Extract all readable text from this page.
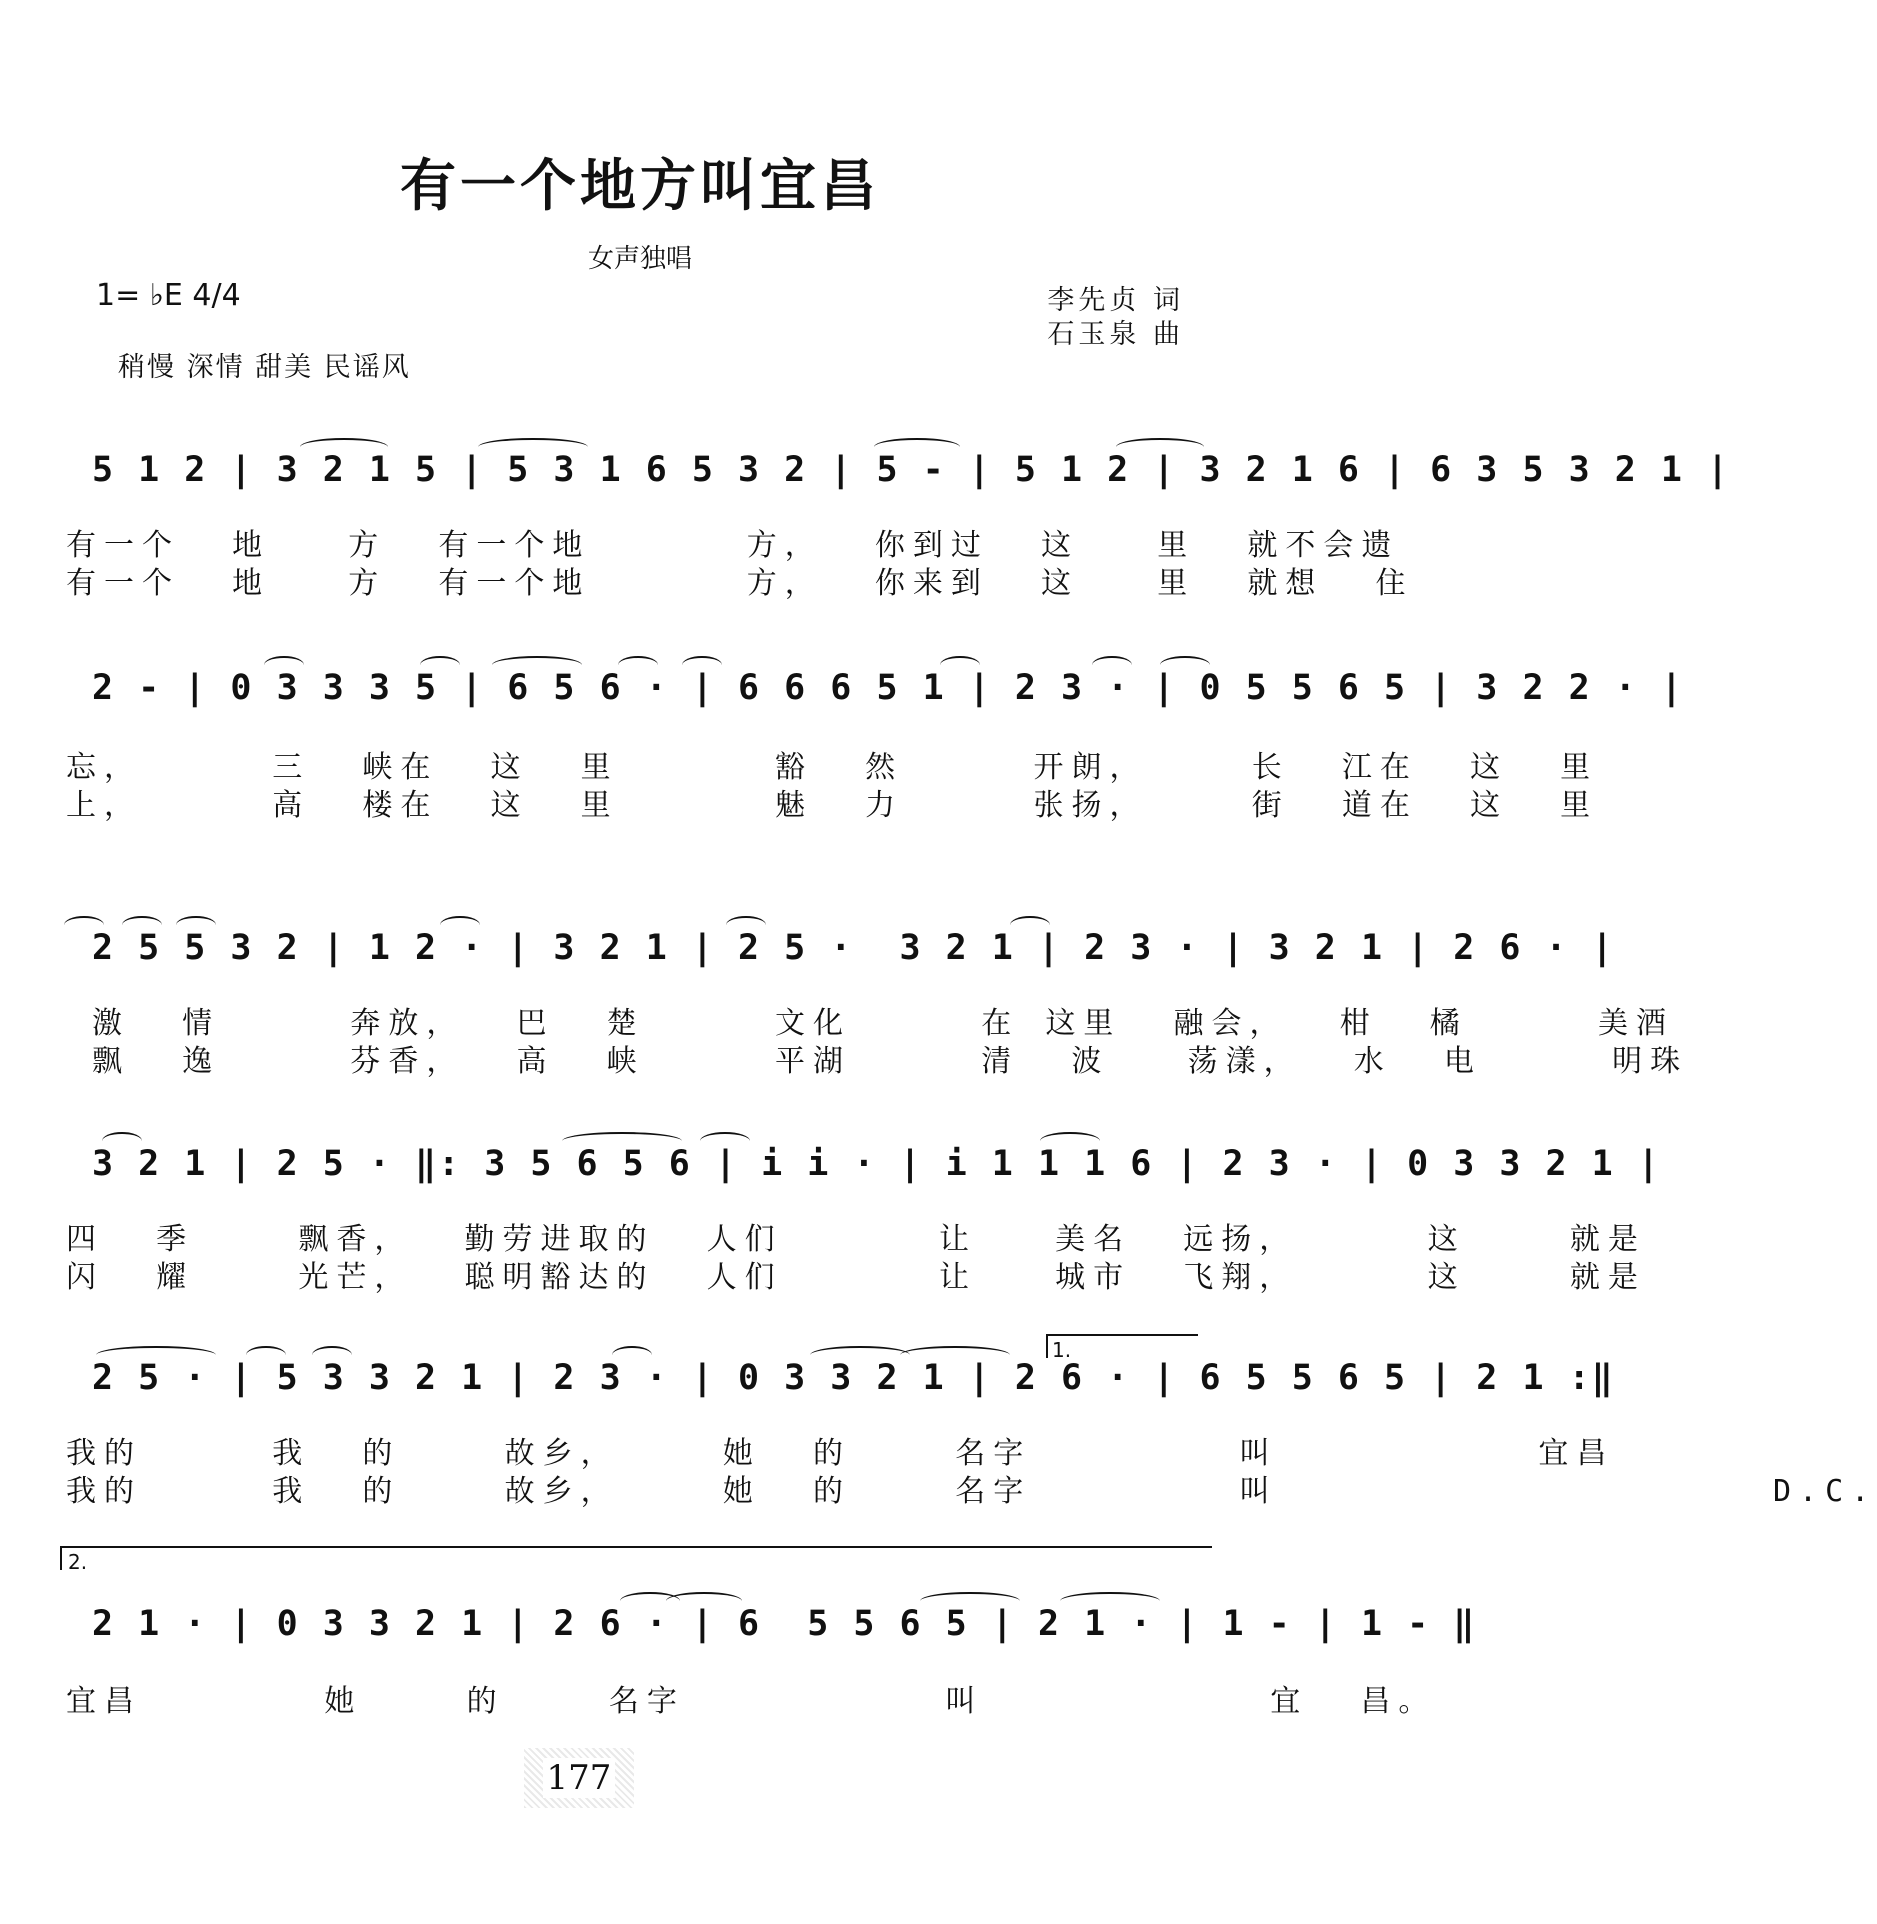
有一个地方叫宜昌
女声独唱
1= ♭E 4/4	李先贞 词
石玉泉 曲
稍慢 深情 甜美 民谣风
5 1 2 | 3 2 1 5 | 5 3 1 6 5 3 2 | 5 - | 5 1 2 | 3 2 1 6 | 6 3 5 3 2 1 |
有一个  地   方  有一个地      方，  你到过  这   里  就不会遗
有一个  地   方  有一个地      方，  你来到  这   里  就想  住
2 - | 0 3 3 3 5 | 6 5 6 · | 6 6 6 5 1 | 2 3 · | 0 5 5 6 5 | 3 2 2 · |
忘，     三  峡在  这  里      豁  然     开朗，    长  江在  这  里
上，     高  楼在  这  里      魅  力     张扬，    街  道在  这  里
2 5 5 3 2 | 1 2 · | 3 2 1 | 2 5 ·  3 2 1 | 2 3 · | 3 2 1 | 2 6 · |
激  情     奔放，  巴  楚     文化     在 这里  融会，  柑  橘     美酒
飘  逸     芬香，  高  峡     平湖     清  波   荡漾，  水  电     明珠
3 2 1 | 2 5 · ‖: 3 5 6 5 6 | i i · | i 1 1 1 6 | 2 3 · | 0 3 3 2 1 |
四  季    飘香，  勤劳进取的  人们      让   美名  远扬，     这    就是
闪  耀    光芒，  聪明豁达的  人们      让   城市  飞翔，     这    就是
1.
2 5 · | 5 3 3 2 1 | 2 3 · | 0 3 3 2 1 | 2 6 · | 6 5 5 6 5 | 2 1 :‖
我的     我  的    故乡，    她  的    名字        叫          宜昌
我的     我  的    故乡，    她  的    名字        叫                   D.C.
2.
2 1 · | 0 3 3 2 1 | 2 6 · | 6  5 5 6 5 | 2 1 · | 1 - | 1 - ‖
宜昌       她    的    名字          叫           宜  昌。
177
